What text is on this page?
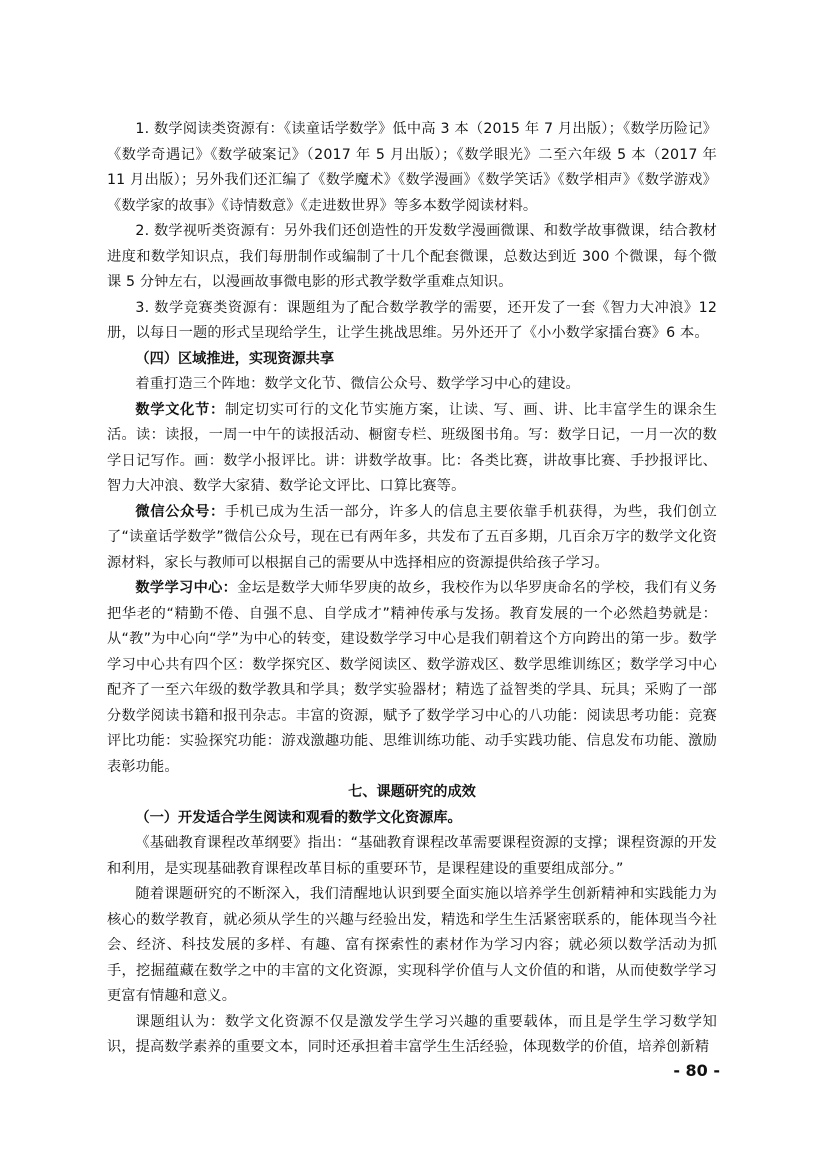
1. 数学阅读类资源有：《读童话学数学》低中高 3 本（2015 年 7 月出版）；《数学历险记》《数学奇遇记》《数学破案记》（2017 年 5 月出版）；《数学眼光》二至六年级 5 本（2017 年 11 月出版）；另外我们还汇编了《数学魔术》《数学漫画》《数学笑话》《数学相声》《数学游戏》《数学家的故事》《诗情数意》《走进数世界》等多本数学阅读材料。

2. 数学视听类资源有：另外我们还创造性的开发数学漫画微课、和数学故事微课，结合教材进度和数学知识点，我们每册制作或编制了十几个配套微课，总数达到近 300 个微课，每个微课 5 分钟左右，以漫画故事微电影的形式教学数学重难点知识。

3. 数学竞赛类资源有：课题组为了配合数学教学的需要，还开发了一套《智力大冲浪》12 册，以每日一题的形式呈现给学生，让学生挑战思维。另外还开了《小小数学家擂台赛》6 本。

（四）区域推进，实现资源共享

着重打造三个阵地：数学文化节、微信公众号、数学学习中心的建设。

数学文化节：制定切实可行的文化节实施方案，让读、写、画、讲、比丰富学生的课余生活。读：读报，一周一中午的读报活动、橱窗专栏、班级图书角。写：数学日记，一月一次的数学日记写作。画：数学小报评比。讲：讲数学故事。比：各类比赛，讲故事比赛、手抄报评比、智力大冲浪、数学大家猜、数学论文评比、口算比赛等。

微信公众号：手机已成为生活一部分，许多人的信息主要依靠手机获得，为些，我们创立了“读童话学数学”微信公众号，现在已有两年多，共发布了五百多期，几百余万字的数学文化资源材料，家长与教师可以根据自己的需要从中选择相应的资源提供给孩子学习。

数学学习中心：金坛是数学大师华罗庚的故乡，我校作为以华罗庚命名的学校，我们有义务把华老的“精勤不倦、自强不息、自学成才”精神传承与发扬。教育发展的一个必然趋势就是：从“教”为中心向“学”为中心的转变，建设数学学习中心是我们朝着这个方向跨出的第一步。数学学习中心共有四个区：数学探究区、数学阅读区、数学游戏区、数学思维训练区；数学学习中心配齐了一至六年级的数学教具和学具；数学实验器材；精选了益智类的学具、玩具；采购了一部分数学阅读书籍和报刊杂志。丰富的资源，赋予了数学学习中心的八功能：阅读思考功能：竞赛评比功能：实验探究功能：游戏激趣功能、思维训练功能、动手实践功能、信息发布功能、激励表彰功能。

七、课题研究的成效

（一）开发适合学生阅读和观看的数学文化资源库。

《基础教育课程改革纲要》指出：“基础教育课程改革需要课程资源的支撑；课程资源的开发和利用，是实现基础教育课程改革目标的重要环节，是课程建设的重要组成部分。”

随着课题研究的不断深入，我们清醒地认识到要全面实施以培养学生创新精神和实践能力为核心的数学教育，就必须从学生的兴趣与经验出发，精选和学生生活紧密联系的，能体现当今社会、经济、科技发展的多样、有趣、富有探索性的素材作为学习内容；就必须以数学活动为抓手，挖掘蕴藏在数学之中的丰富的文化资源，实现科学价值与人文价值的和谐，从而使数学学习更富有情趣和意义。

课题组认为：数学文化资源不仅是激发学生学习兴趣的重要载体，而且是学生学习数学知识，提高数学素养的重要文本，同时还承担着丰富学生生活经验，体现数学的价值，培养创新精

- 80 -
